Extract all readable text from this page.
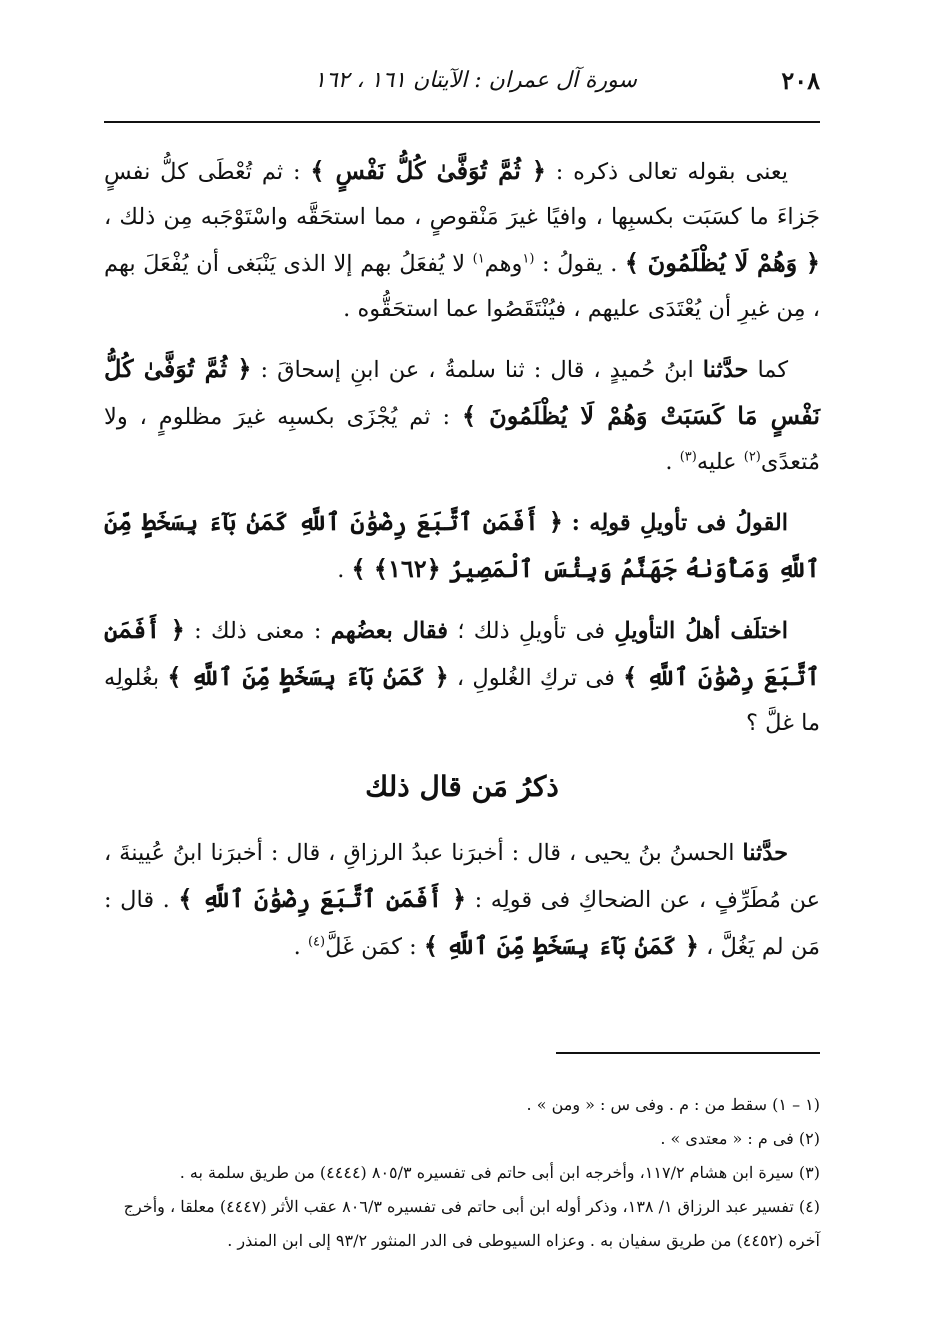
٢٠٨
سورة آل عمران : الآيتان ١٦١ ، ١٦٢

يعنى بقوله تعالى ذكره : ﴿ ثُمَّ تُوَفَّىٰ كُلُّ نَفْسٍ ﴾ : ثم تُعْطَى كلُّ نفسٍ جَزاءَ ما كسَبَت بكسبِها ، وافيًا غيرَ مَنْقوصٍ ، مما استحَقَّه واسْتَوْجَبه مِن ذلك ، ﴿ وَهُمْ لَا يُظْلَمُونَ ﴾ . يقولُ : $^{(١}$وهم$^{١)}$ لا يُفعَلُ بهم إلا الذى يَنْبَغى أن يُفْعَلَ بهم ، مِن غيرِ أن يُعْتَدَى عليهم ، فيُنْتَقَصُوا عما استحَقُّوه .

كما حدَّثنا ابنُ حُميدٍ ، قال : ثنا سلمةُ ، عن ابنِ إسحاقَ : ﴿ ثُمَّ تُوَفَّىٰ كُلُّ نَفْسٍ مَا كَسَبَتْ وَهُمْ لَا يُظْلَمُونَ ﴾ : ثم يُجْزَى بكسبِه غيرَ مظلومٍ ، ولا مُتعدًى$^{(٢)}$ عليه$^{(٣)}$ .

القولُ فى تأويلِ قولِه : ﴿ أَفَمَنِ ٱتَّبَعَ رِضْوَٰنَ ٱللَّهِ كَمَنۢ بَآءَ بِسَخَطٍ مِّنَ ٱللَّهِ وَمَأْوَىٰهُ جَهَنَّمُ وَبِئْسَ ٱلْمَصِيرُ ﴿١٦٢﴾ ﴾ .

اختلَف أهلُ التأويلِ فى تأويلِ ذلك ؛ فقال بعضُهم : معنى ذلك : ﴿ أَفَمَنِ ٱتَّبَعَ رِضْوَٰنَ ٱللَّهِ ﴾ فى تركِ الغُلولِ ، ﴿ كَمَنۢ بَآءَ بِسَخَطٍ مِّنَ ٱللَّهِ ﴾ بغُلولِه ما غلَّ ؟

ذكرُ مَن قال ذلك

حدَّثنا الحسنُ بنُ يحيى ، قال : أخبرَنا عبدُ الرزاقِ ، قال : أخبرَنا ابنُ عُيينةَ ، عن مُطَرِّفٍ ، عن الضحاكِ فى قولِه : ﴿ أَفَمَنِ ٱتَّبَعَ رِضْوَٰنَ ٱللَّهِ ﴾ . قال : مَن لم يَغُلَّ ، ﴿ كَمَنۢ بَآءَ بِسَخَطٍ مِّنَ ٱللَّهِ ﴾ : كمَن غَلَّ$^{(٤)}$ .

(١ – ١) سقط من : م . وفى س : « ومن » .

(٢) فى م : « معتدى » .

(٣) سيرة ابن هشام ١١٧/٢، وأخرجه ابن أبى حاتم فى تفسيره ٨٠٥/٣ (٤٤٤٤) من طريق سلمة به .

(٤) تفسير عبد الرزاق ١/ ١٣٨، وذكر أوله ابن أبى حاتم فى تفسيره ٨٠٦/٣ عقب الأثر (٤٤٤٧) معلقا ، وأخرج آخره (٤٤٥٢) من طريق سفيان به . وعزاه السيوطى فى الدر المنثور ٩٣/٢ إلى ابن المنذر .
